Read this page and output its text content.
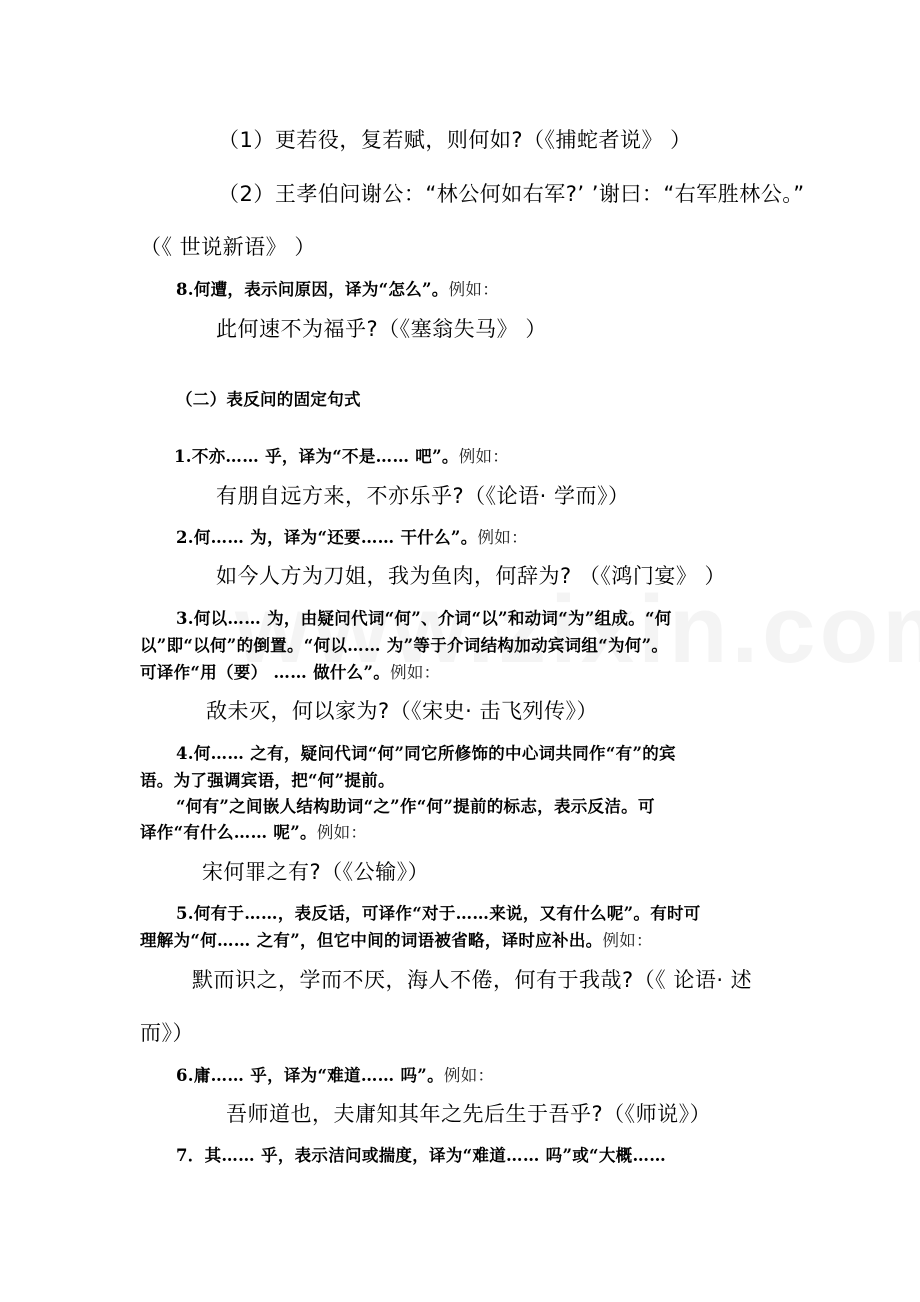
（1）更若役，复若赋，则何如?（《捕蛇者说》 ）
（2）王孝伯问谢公：“林公何如右军?’ ’谢曰：“右军胜林公。”
（《 世说新语》 ）
8.何遭，表示问原因，译为“怎么”。例如：
此何速不为福乎?（《塞翁失马》 ）
（二）表反问的固定句式
1.不亦…… 乎，译为“不是…… 吧”。例如：
有朋自远方来，不亦乐乎?（《论语· 学而》）
2.何…… 为，译为“还要…… 干什么”。例如：
如今人方为刀姐，我为鱼肉，何辞为? （《鸿门宴》 ）
3.何以…… 为，由疑问代词“何”、介词“以”和动词“为”组成。“何
以”即“以何”的倒置。“何以…… 为”等于介词结构加动宾词组“为何”。
可译作“用（要） …… 做什么”。例如：
敌未灭，何以家为?（《宋史· 击飞列传》）
4.何…… 之有，疑问代词“何”同它所修饰的中心词共同作“有”的宾
语。为了强调宾语，把“何”提前。
“何有”之间嵌人结构助词“之”作“何”提前的标志，表示反洁。可
译作“有什么…… 呢”。例如：
宋何罪之有?（《公输》）
5.何有于……，表反话，可译作“对于……来说，又有什么呢”。有时可
理解为“何…… 之有”，但它中间的词语被省略，译时应补出。例如：
默而识之，学而不厌，海人不倦，何有于我哉?（《 论语· 述
而》）
6.庸…… 乎，译为“难道…… 吗”。例如：
吾师道也，夫庸知其年之先后生于吾乎?（《师说》）
7．其…… 乎，表示洁问或揣度，译为“难道…… 吗”或“大概……
